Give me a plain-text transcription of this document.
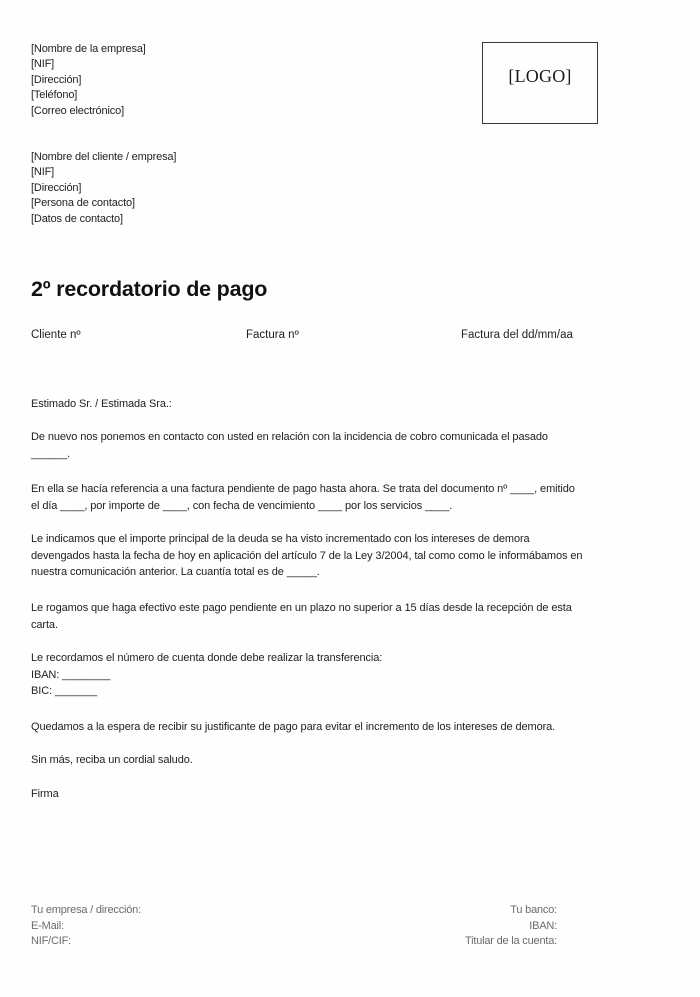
[Nombre de la empresa]
[NIF]
[Dirección]
[Teléfono]
[Correo electrónico]
[LOGO]
[Nombre del cliente / empresa]
[NIF]
[Dirección]
[Persona de contacto]
[Datos de contacto]
2º recordatorio de pago
Cliente nº	Factura nº	Factura del dd/mm/aa
Estimado Sr. / Estimada Sra.:
De nuevo nos ponemos en contacto con usted en relación con la incidencia de cobro comunicada el pasado
______.
En ella se hacía referencia a una factura pendiente de pago hasta ahora. Se trata del documento nº ____, emitido
el día ____, por importe de ____, con fecha de vencimiento ____ por los servicios ____.
Le indicamos que el importe principal de la deuda se ha visto incrementado con los intereses de demora
devengados hasta la fecha de hoy en aplicación del artículo 7 de la Ley 3/2004, tal como como le informábamos en
nuestra comunicación anterior. La cuantía total es de _____.
Le rogamos que haga efectivo este pago pendiente en un plazo no superior a 15 días desde la recepción de esta
carta.
Le recordamos el número de cuenta donde debe realizar la transferencia:
IBAN: ________
BIC: _______
Quedamos a la espera de recibir su justificante de pago para evitar el incremento de los intereses de demora.
Sin más, reciba un cordial saludo.
Firma
Tu empresa / dirección:
E-Mail:
NIF/CIF:
Tu banco:
IBAN:
Titular de la cuenta:
